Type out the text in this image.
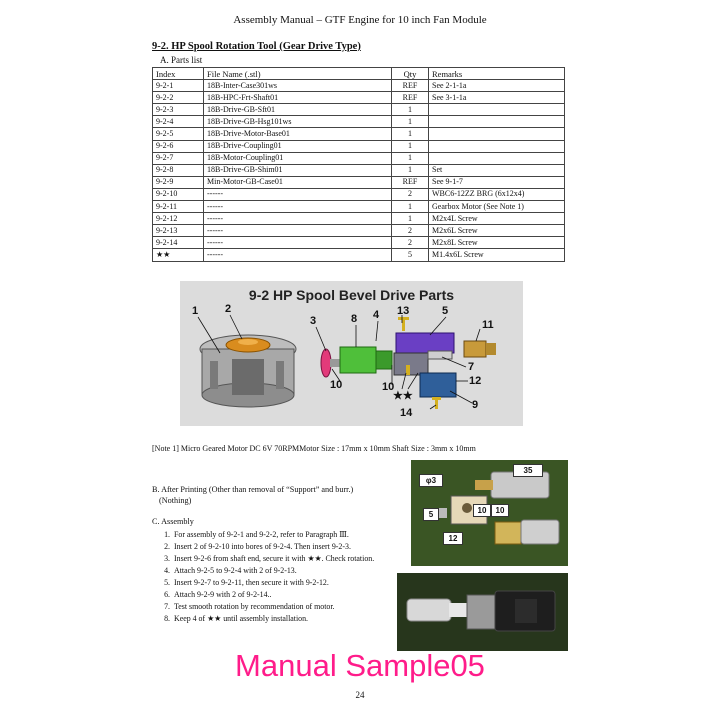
Assembly Manual – GTF Engine for 10 inch Fan Module
9-2. HP Spool Rotation Tool (Gear Drive Type)
A. Parts list
Index	File Name (.stl)	Qty	Remarks
9-2-1	18B-Inter-Case301ws	REF	See 2-1-1a
9-2-2	18B-HPC-Frt-Shaft01	REF	See 3-1-1a
9-2-3	18B-Drive-GB-Sft01	1	
9-2-4	18B-Drive-GB-Hsg101ws	1	
9-2-5	18B-Drive-Motor-Base01	1	
9-2-6	18B-Drive-Coupling01	1	
9-2-7	18B-Motor-Coupling01	1	
9-2-8	18B-Drive-GB-Shim01	1	Set
9-2-9	Min-Motor-GB-Case01	REF	See 9-1-7
9-2-10	------	2	WBC6-12ZZ BRG (6x12x4)
9-2-11	------	1	Gearbox Motor (See Note 1)
9-2-12	------	1	M2x4L Screw
9-2-13	------	2	M2x6L Screw
9-2-14	------	2	M2x8L Screw
★★	------	5	M1.4x6L Screw
9-2 HP Spool Bevel Drive Parts
1 2
3	4	5
7
8
9
10	10
11
12
13
14
★★
[Note 1] Micro Geared Motor DC 6V 70RPMMotor Size : 17mm x 10mm Shaft Size : 3mm x 10mm
B. After Printing (Other than removal of “Support” and burr.)
(Nothing)
C. Assembly
1. For assembly of 9-2-1 and 9-2-2, refer to Paragraph Ⅲ.
2. Insert 2 of 9-2-10 into bores of 9-2-4. Then insert 9-2-3.
3. Insert 9-2-6 from shaft end, secure it with ★★. Check rotation.
4. Attach 9-2-5 to 9-2-4 with 2 of 9-2-13.
5. Insert 9-2-7 to 9-2-11, then secure it with 9-2-12.
6. Attach 9-2-9 with 2 of 9-2-14..
7. Test smooth rotation by recommendation of motor.
8. Keep 4 of ★★ until assembly installation.
φ3
35
5	10	10
12
Manual Sample05
24
